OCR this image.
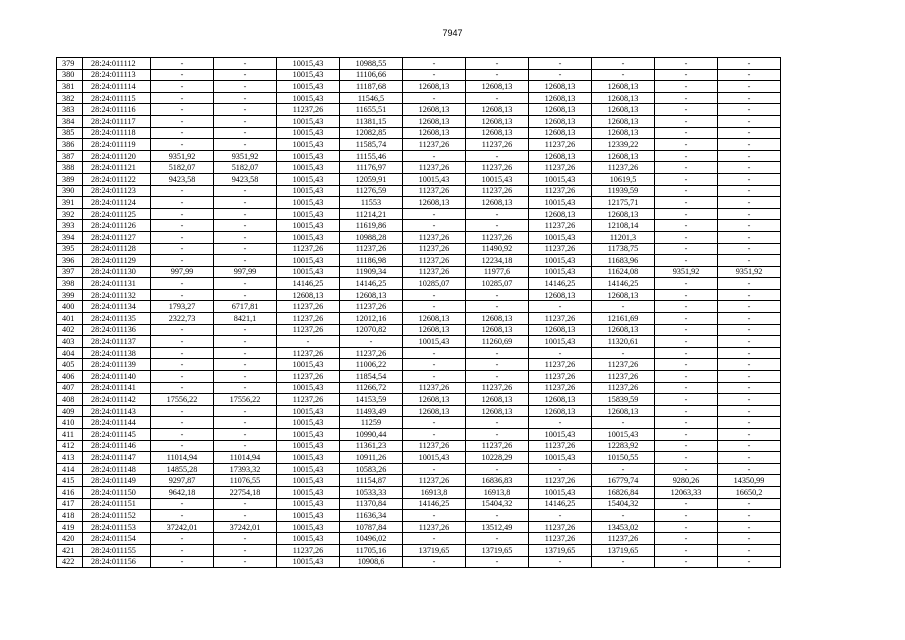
7947
379	28:24:011112	-	-	10015,43	10988,55	-	-	-	-	-	-
380	28:24:011113	-	-	10015,43	11106,66	-	-	-	-	-	-
381	28:24:011114	-	-	10015,43	11187,68	12608,13	12608,13	12608,13	12608,13	-	-
382	28:24:011115	-	-	10015,43	11546,5	-	-	12608,13	12608,13	-	-
383	28:24:011116	-	-	11237,26	11655,51	12608,13	12608,13	12608,13	12608,13	-	-
384	28:24:011117	-	-	10015,43	11381,15	12608,13	12608,13	12608,13	12608,13	-	-
385	28:24:011118	-	-	10015,43	12082,85	12608,13	12608,13	12608,13	12608,13	-	-
386	28:24:011119	-	-	10015,43	11585,74	11237,26	11237,26	11237,26	12339,22	-	-
387	28:24:011120	9351,92	9351,92	10015,43	11155,46	-	-	12608,13	12608,13	-	-
388	28:24:011121	5182,07	5182,07	10015,43	11176,97	11237,26	11237,26	11237,26	11237,26	-	-
389	28:24:011122	9423,58	9423,58	10015,43	12059,91	10015,43	10015,43	10015,43	10619,5	-	-
390	28:24:011123	-	-	10015,43	11276,59	11237,26	11237,26	11237,26	11939,59	-	-
391	28:24:011124	-	-	10015,43	11553	12608,13	12608,13	10015,43	12175,71	-	-
392	28:24:011125	-	-	10015,43	11214,21	-	-	12608,13	12608,13	-	-
393	28:24:011126	-	-	10015,43	11619,86	-	-	11237,26	12108,14	-	-
394	28:24:011127	-	-	10015,43	10988,28	11237,26	11237,26	10015,43	11201,3	-	-
395	28:24:011128	-	-	11237,26	11237,26	11237,26	11490,92	11237,26	11738,75	-	-
396	28:24:011129	-	-	10015,43	11186,98	11237,26	12234,18	10015,43	11683,96	-	-
397	28:24:011130	997,99	997,99	10015,43	11909,34	11237,26	11977,6	10015,43	11624,08	9351,92	9351,92
398	28:24:011131	-	-	14146,25	14146,25	10285,07	10285,07	14146,25	14146,25	-	-
399	28:24:011132	-	-	12608,13	12608,13	-	-	12608,13	12608,13	-	-
400	28:24:011134	1793,27	6717,81	11237,26	11237,26	-	-	-	-	-	-
401	28:24:011135	2322,73	8421,1	11237,26	12012,16	12608,13	12608,13	11237,26	12161,69	-	-
402	28:24:011136	-	-	11237,26	12070,82	12608,13	12608,13	12608,13	12608,13	-	-
403	28:24:011137	-	-	-	-	10015,43	11260,69	10015,43	11320,61	-	-
404	28:24:011138	-	-	11237,26	11237,26	-	-	-	-	-	-
405	28:24:011139	-	-	10015,43	11006,22	-	-	11237,26	11237,26	-	-
406	28:24:011140	-	-	11237,26	11854,54	-	-	11237,26	11237,26	-	-
407	28:24:011141	-	-	10015,43	11266,72	11237,26	11237,26	11237,26	11237,26	-	-
408	28:24:011142	17556,22	17556,22	11237,26	14153,59	12608,13	12608,13	12608,13	15839,59	-	-
409	28:24:011143	-	-	10015,43	11493,49	12608,13	12608,13	12608,13	12608,13	-	-
410	28:24:011144	-	-	10015,43	11259	-	-	-	-	-	-
411	28:24:011145	-	-	10015,43	10990,44	-	-	10015,43	10015,43	-	-
412	28:24:011146	-	-	10015,43	11361,23	11237,26	11237,26	11237,26	12283,92	-	-
413	28:24:011147	11014,94	11014,94	10015,43	10911,26	10015,43	10228,29	10015,43	10150,55	-	-
414	28:24:011148	14855,28	17393,32	10015,43	10583,26	-	-	-	-	-	-
415	28:24:011149	9297,87	11076,55	10015,43	11154,87	11237,26	16836,83	11237,26	16779,74	9280,26	14350,99
416	28:24:011150	9642,18	22754,18	10015,43	10533,33	16913,8	16913,8	10015,43	16826,84	12063,33	16650,2
417	28:24:011151	-	-	10015,43	11370,84	14146,25	15404,32	14146,25	15404,32	-	-
418	28:24:011152	-	-	10015,43	11636,34	-	-	-	-	-	-
419	28:24:011153	37242,01	37242,01	10015,43	10787,84	11237,26	13512,49	11237,26	13453,02	-	-
420	28:24:011154	-	-	10015,43	10496,02	-	-	11237,26	11237,26	-	-
421	28:24:011155	-	-	11237,26	11705,16	13719,65	13719,65	13719,65	13719,65	-	-
422	28:24:011156	-	-	10015,43	10908,6	-	-	-	-	-	-
